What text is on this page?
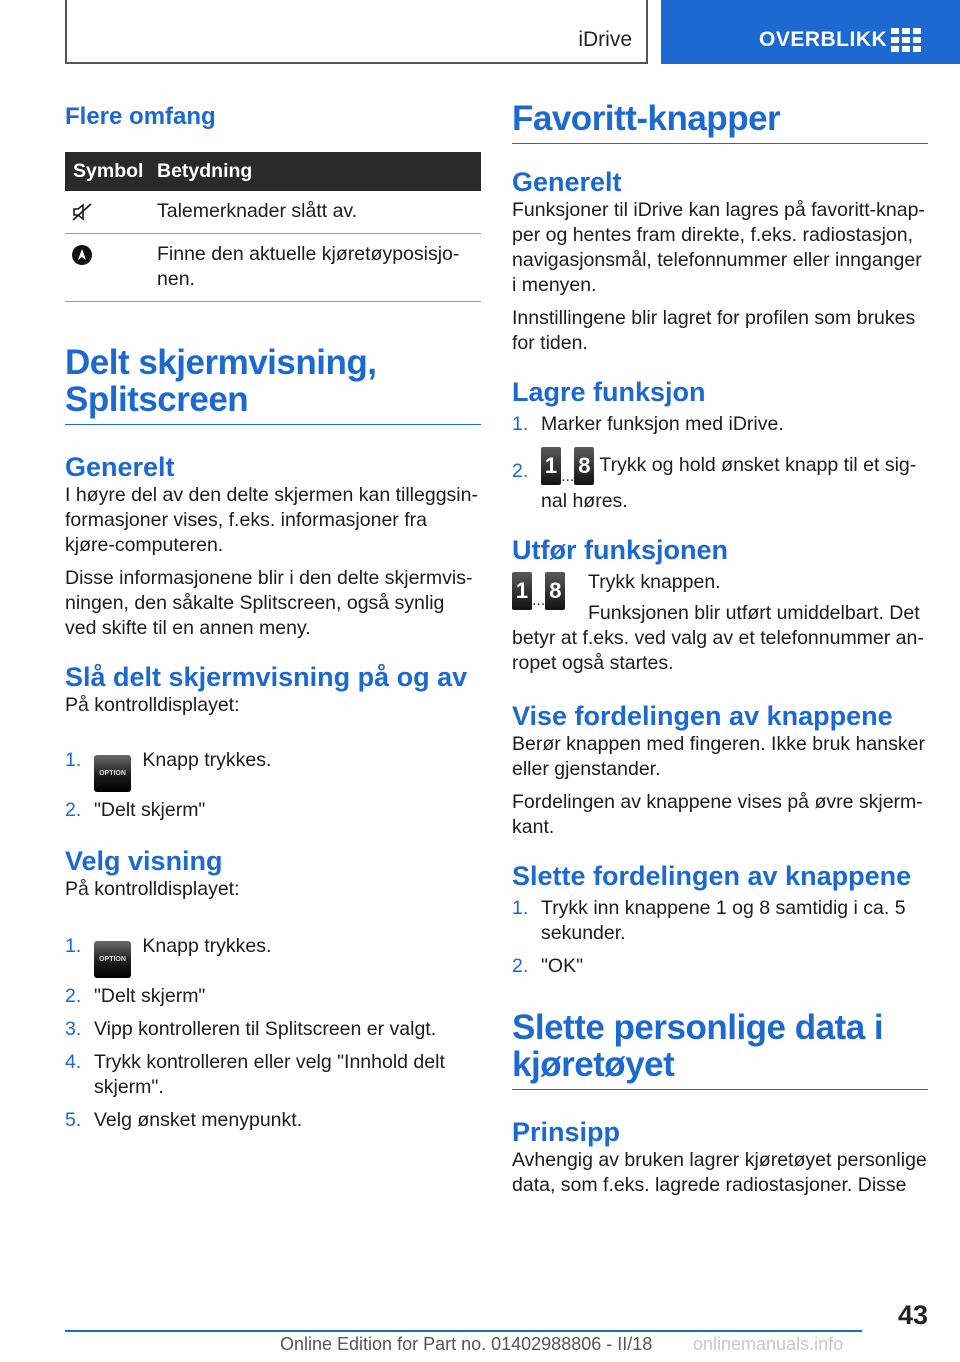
iDrive	OVERBLIKK
Flere omfang
Symbol	Betydning

	Talemerknader slått av.

	Finne den aktuelle kjøretøyposisjo-nen.
Delt skjermvisning, Splitscreen
Generelt

I høyre del av den delte skjermen kan tilleggsin-formasjoner vises, f.eks. informasjoner fra kjøre-computeren.

Disse informasjonene blir i den delte skjermvis-ningen, den såkalte Splitscreen, også synlig ved skifte til en annen meny.

Slå delt skjermvisning på og av

På kontrolldisplayet:

1.
OPTION Knapp trykkes.
2. "Delt skjerm"
Velg visning

På kontrolldisplayet:

1.
OPTION Knapp trykkes.
2. "Delt skjerm"
3. Vipp kontrolleren til Splitscreen er valgt.
4. Trykk kontrolleren eller velg "Innhold delt skjerm".
5. Velg ønsket menypunkt.
Favoritt-knapper
Generelt

Funksjoner til iDrive kan lagres på favoritt-knap-per og hentes fram direkte, f.eks. radiostasjon, navigasjonsmål, telefonnummer eller innganger i menyen.

Innstillingene blir lagret for profilen som brukes for tiden.

Lagre funksjon
1. Marker funksjon med iDrive.
2. 1 $_{...}$ 8 Trykk og hold ønsket knapp til et sig-nal høres.
Utfør funksjonen
1 ... 8	Trykk knappen.

Funksjonen blir utført umiddelbart. Det betyr at f.eks. ved valg av et telefonnummer an-ropet også startes.

Vise fordelingen av knappene

Berør knappen med fingeren. Ikke bruk hansker eller gjenstander.

Fordelingen av knappene vises på øvre skjerm-kant.

Slette fordelingen av knappene
1. Trykk inn knappene 1 og 8 samtidig i ca. 5 sekunder.
2. "OK"
Slette personlige data i kjøretøyet
Prinsipp

Avhengig av bruken lagrer kjøretøyet personlige data, som f.eks. lagrede radiostasjoner. Disse

43
Online Edition for Part no. 01402988806 - II/18 onlinemanuals.info
